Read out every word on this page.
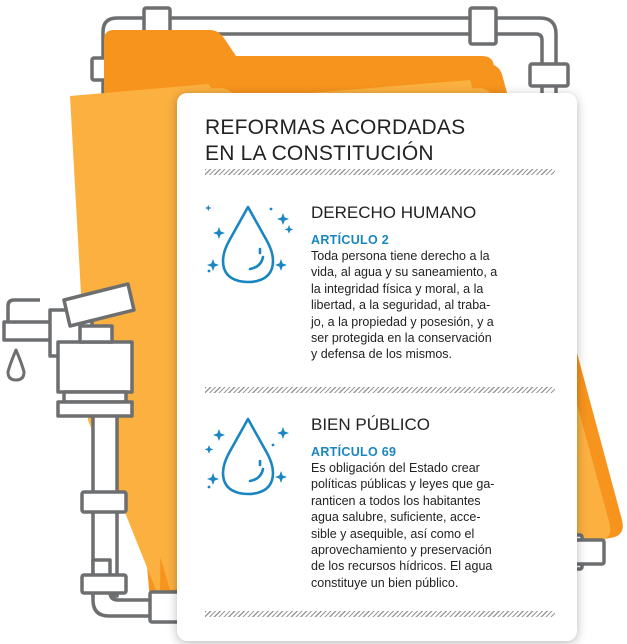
REFORMAS ACORDADAS
EN LA CONSTITUCIÓN
DERECHO HUMANO
ARTÍCULO 2

Toda persona tiene derecho a la
vida, al agua y su saneamiento, a
la integridad física y moral, a la
libertad, a la seguridad, al traba-
jo, a la propiedad y posesión, y a
ser protegida en la conservación
y defensa de los mismos.

BIEN PÚBLICO
ARTÍCULO 69

Es obligación del Estado crear
políticas públicas y leyes que ga-
ranticen a todos los habitantes
agua salubre, suficiente, acce-
sible y asequible, así como el
aprovechamiento y preservación
de los recursos hídricos. El agua
constituye un bien público.
